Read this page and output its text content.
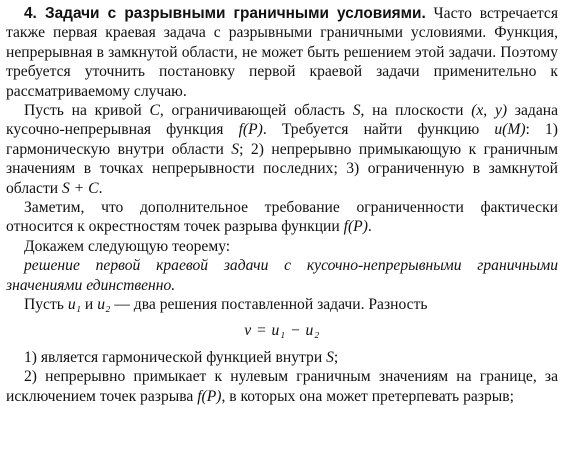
4. Задачи с разрывными граничными условиями. Часто встречается также первая краевая задача с разрывными граничными условиями. Функция, непрерывная в замкнутой области, не может быть решением этой задачи. Поэтому требуется уточнить постановку первой краевой задачи применительно к рассматриваемому случаю.

Пусть на кривой C, ограничивающей область S, на плоскости (x, y) задана кусочно-непрерывная функция f(P). Требуется найти функцию u(M): 1) гармоническую внутри области S; 2) непрерывно примыкающую к граничным значениям в точках непрерывности последних; 3) ограниченную в замкнутой области S + C.

Заметим, что дополнительное требование ограниченности фактически относится к окрестностям точек разрыва функции f(P).

Докажем следующую теорему:

решение первой краевой задачи с кусочно-непрерывными граничными значениями единственно.

Пусть u₁ и u₂ — два решения поставленной задачи. Разность

v = u₁ − u₂

1) является гармонической функцией внутри S;

2) непрерывно примыкает к нулевым граничным значениям на границе, за исключением точек разрыва f(P), в которых она может претерпевать разрыв;
